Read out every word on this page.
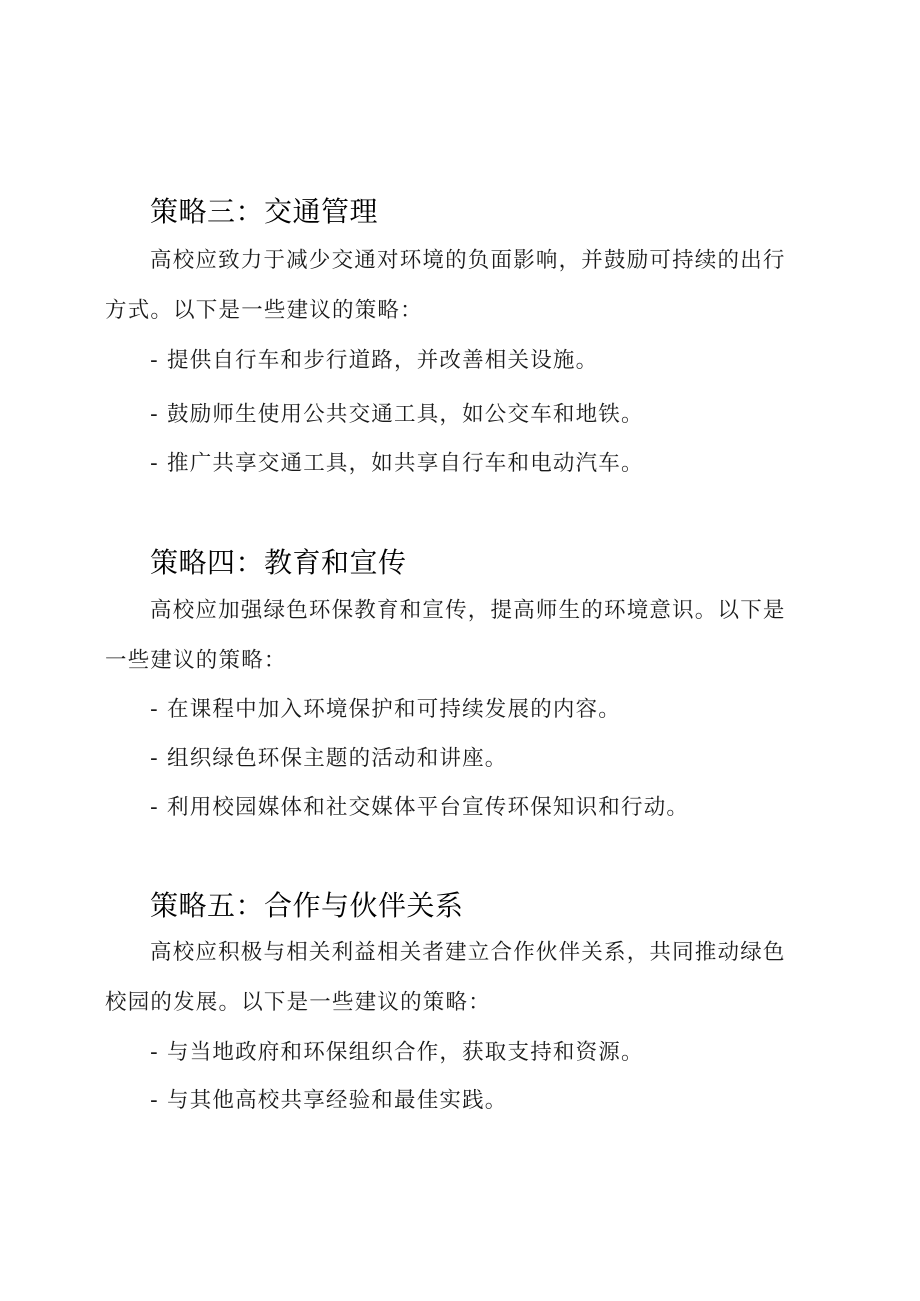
策略三：交通管理

高校应致力于减少交通对环境的负面影响，并鼓励可持续的出行方式。以下是一些建议的策略：

- 提供自行车和步行道路，并改善相关设施。

- 鼓励师生使用公共交通工具，如公交车和地铁。

- 推广共享交通工具，如共享自行车和电动汽车。

策略四：教育和宣传

高校应加强绿色环保教育和宣传，提高师生的环境意识。以下是一些建议的策略：

- 在课程中加入环境保护和可持续发展的内容。

- 组织绿色环保主题的活动和讲座。

- 利用校园媒体和社交媒体平台宣传环保知识和行动。

策略五：合作与伙伴关系

高校应积极与相关利益相关者建立合作伙伴关系，共同推动绿色校园的发展。以下是一些建议的策略：

- 与当地政府和环保组织合作，获取支持和资源。

- 与其他高校共享经验和最佳实践。
